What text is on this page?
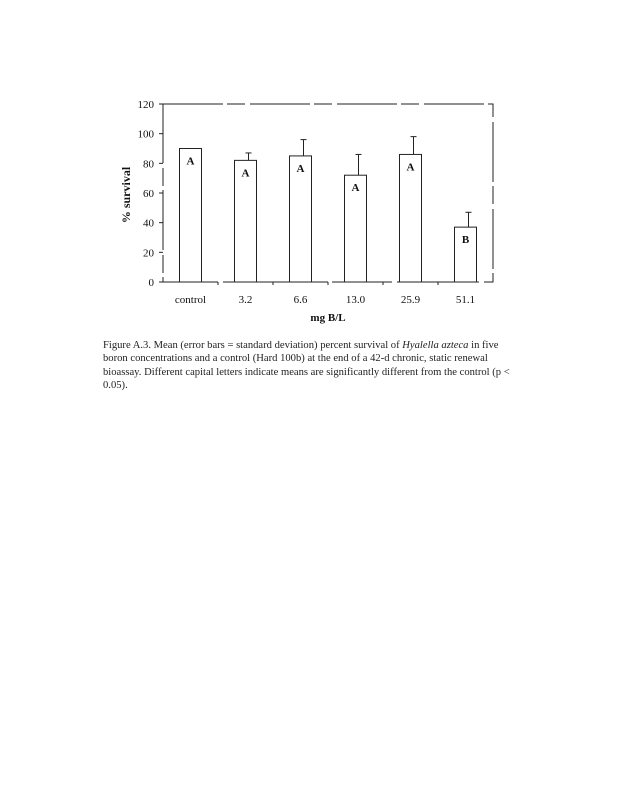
0
20
40
60
80
100
120
A
A	A
A
A
B
control	3.2	6.6	13.0	25.9	51.1
% survival
mg B/L
Figure A.3. Mean (error bars = standard deviation) percent survival of Hyalella azteca in five boron concentrations and a control (Hard 100b) at the end of a 42-d chronic, static renewal bioassay. Different capital letters indicate means are significantly different from the control (p < 0.05).
